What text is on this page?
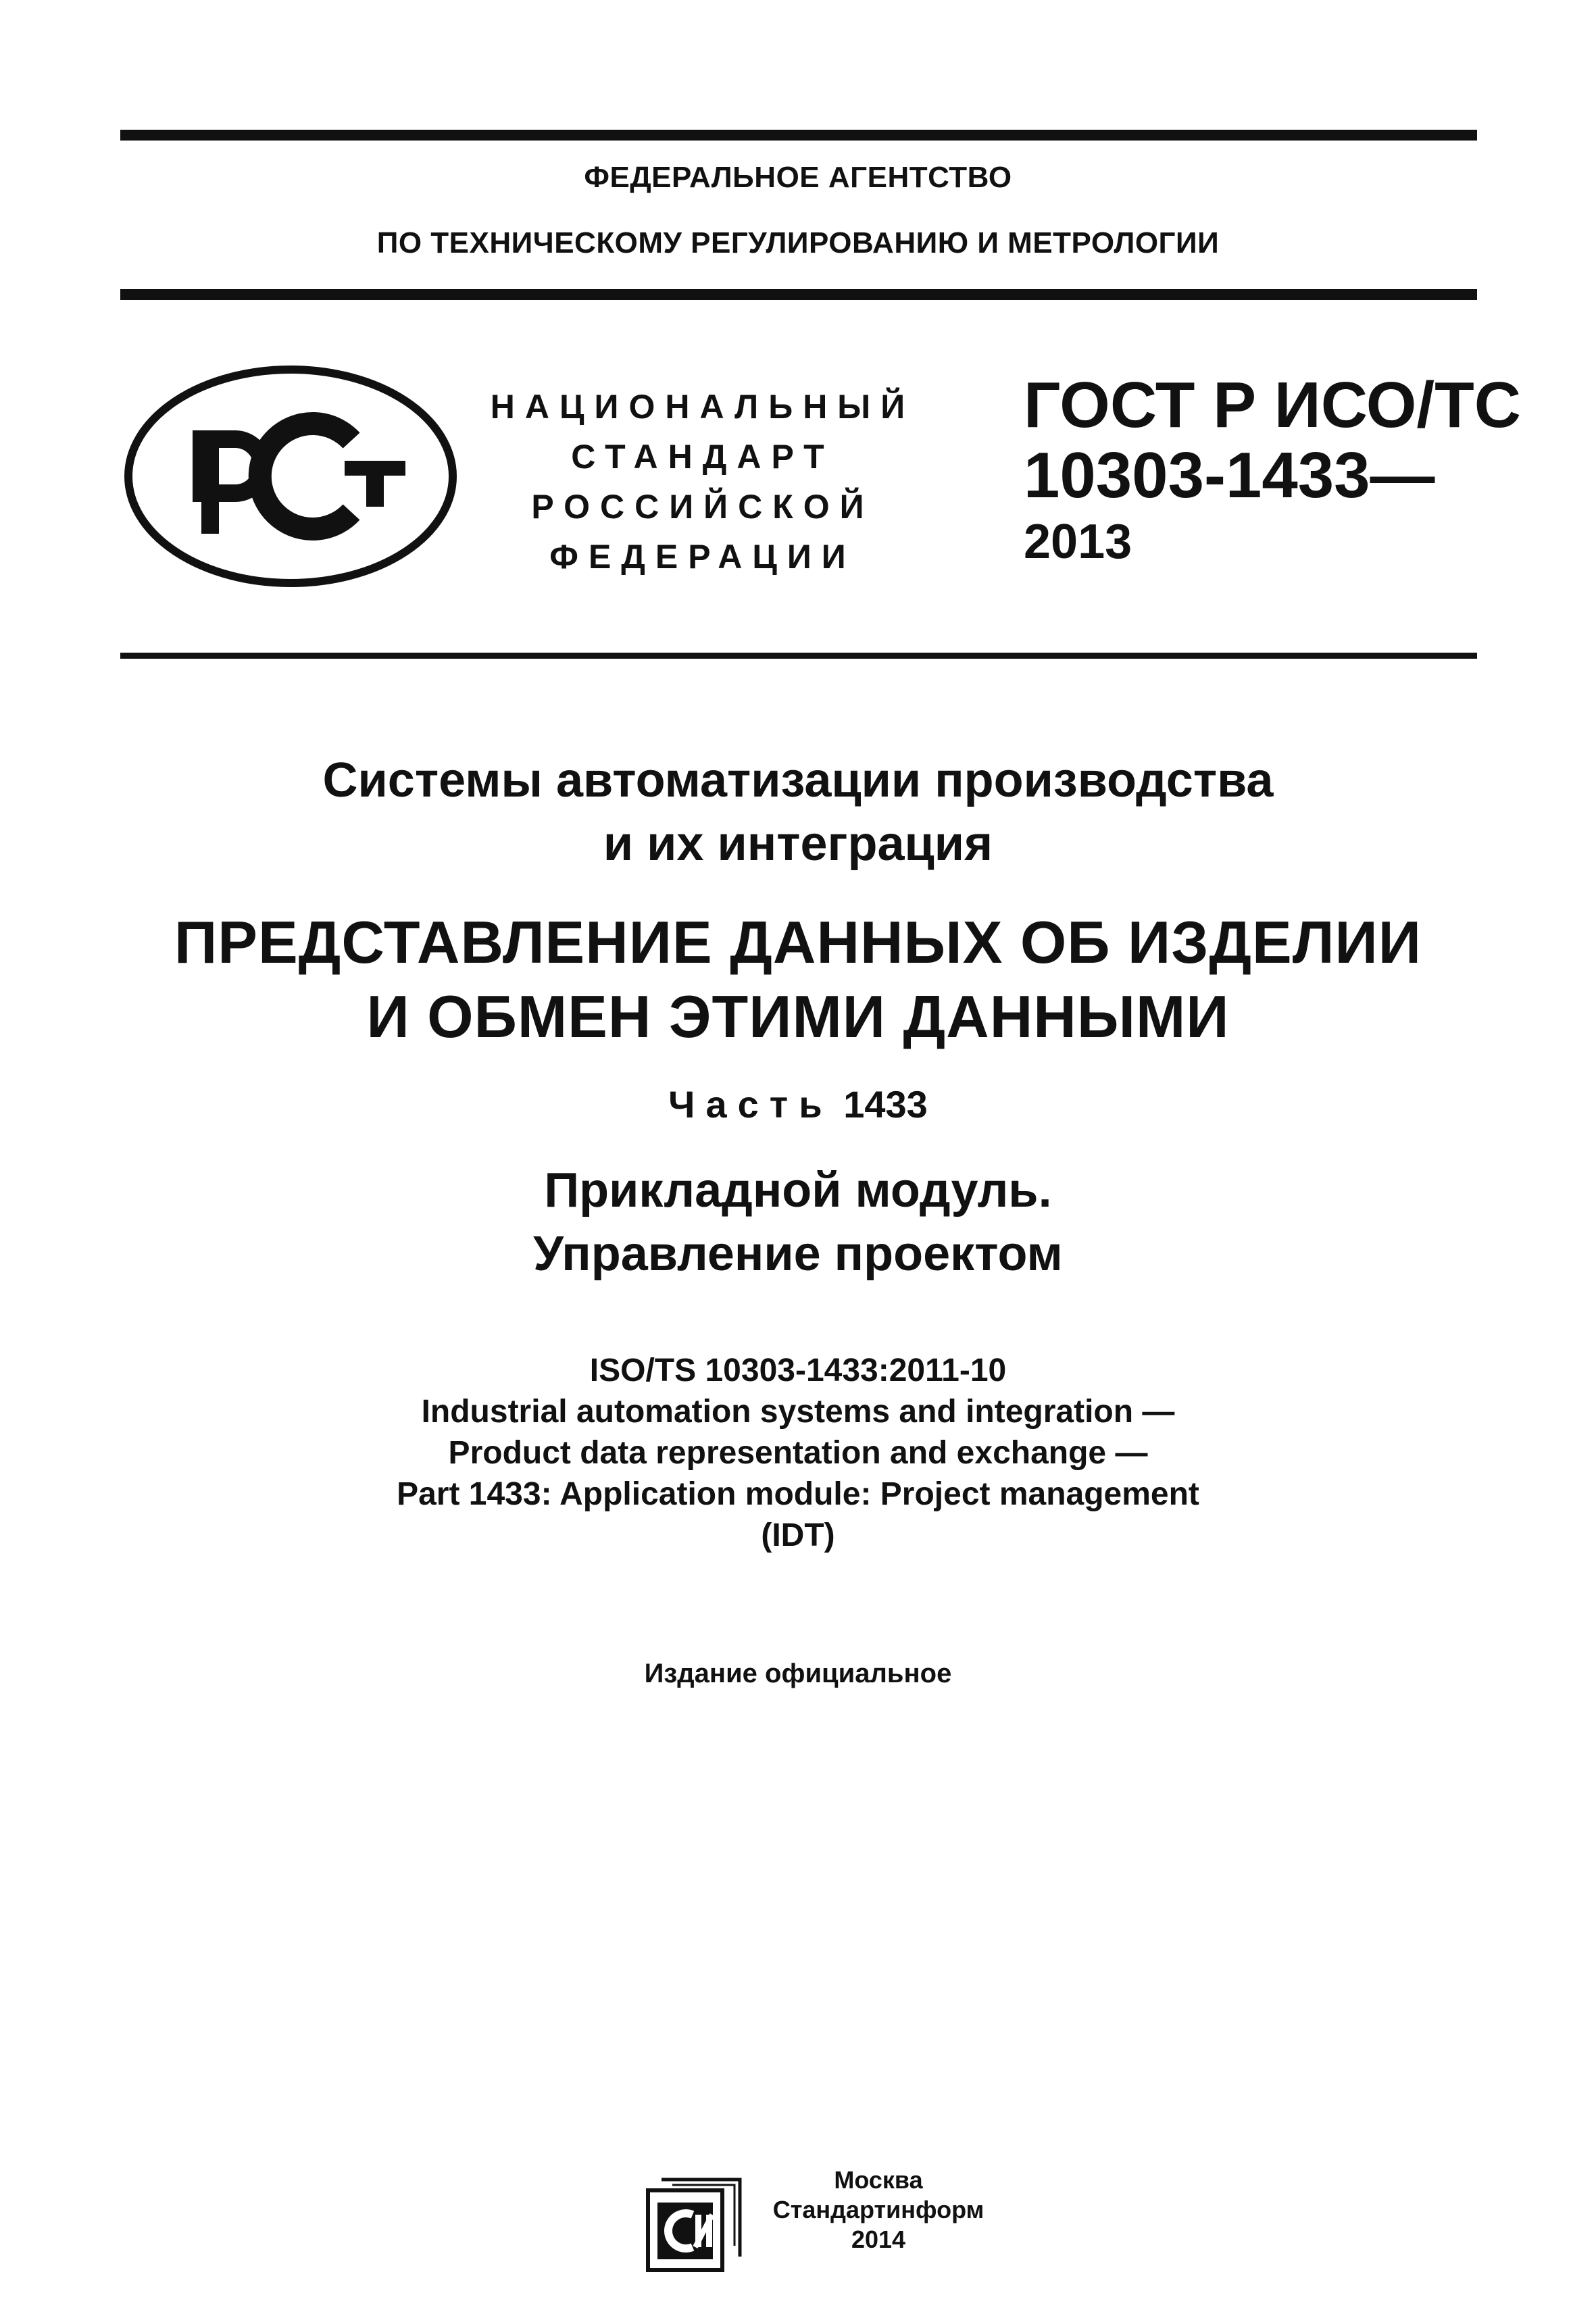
ФЕДЕРАЛЬНОЕ АГЕНТСТВО
ПО ТЕХНИЧЕСКОМУ РЕГУЛИРОВАНИЮ И МЕТРОЛОГИИ
НАЦИОНАЛЬНЫЙ
СТАНДАРТ
РОССИЙСКОЙ
ФЕДЕРАЦИИ
ГОСТ Р ИСО/ТС
10303-1433—
2013
Системы автоматизации производства
и их интеграция
ПРЕДСТАВЛЕНИЕ ДАННЫХ ОБ ИЗДЕЛИИ
И ОБМЕН ЭТИМИ ДАННЫМИ
Часть 1433
Прикладной модуль.
Управление проектом
ISO/TS 10303-1433:2011-10
Industrial automation systems and integration —
Product data representation and exchange —
Part 1433: Application module: Project management
(IDT)
Издание официальное
Москва
Стандартинформ
2014
